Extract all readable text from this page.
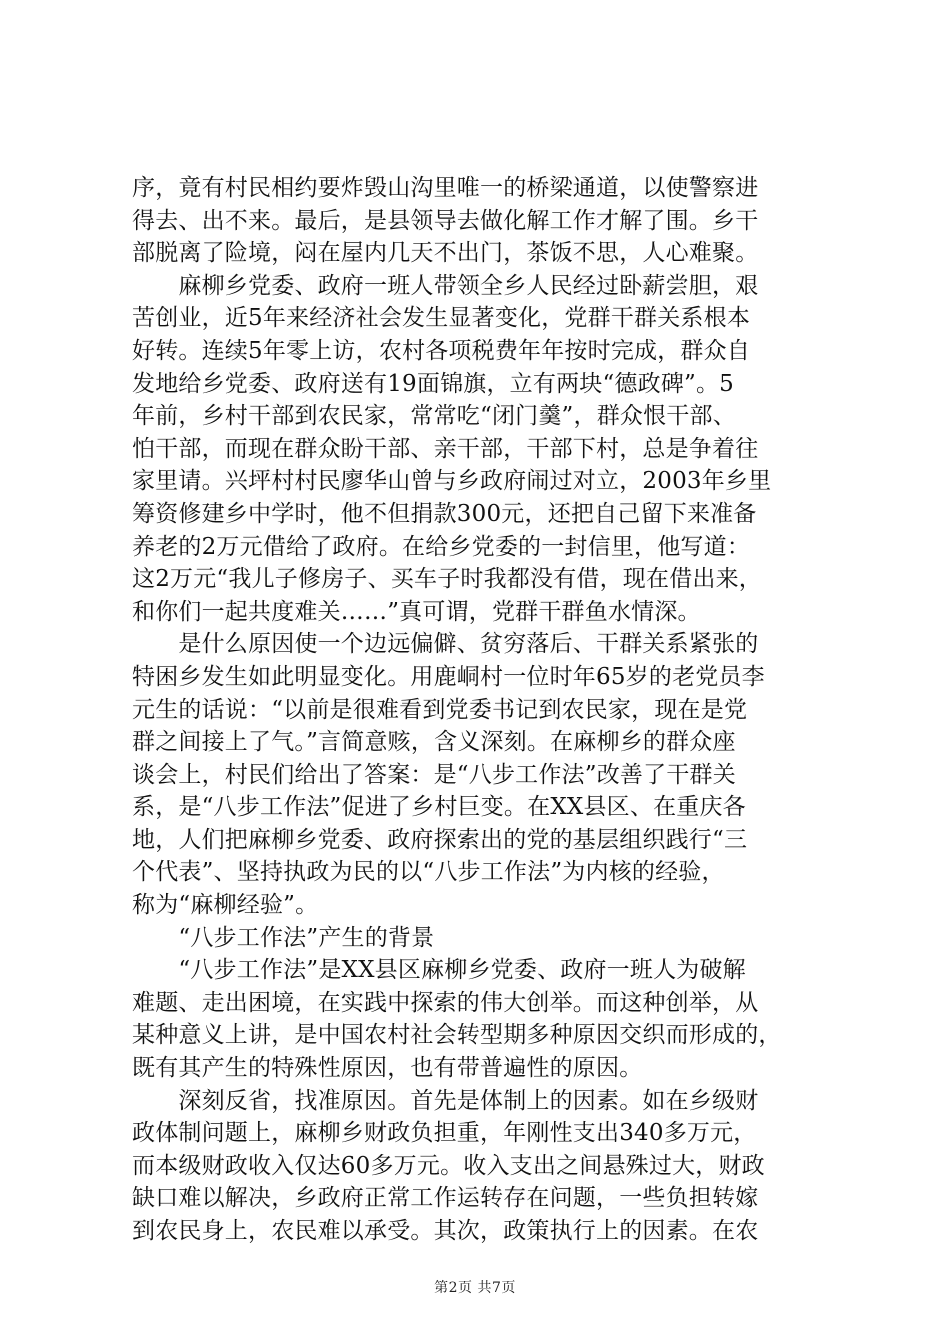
序，竟有村民相约要炸毁山沟里唯一的桥梁通道，以使警察进
得去、出不来。最后，是县领导去做化解工作才解了围。乡干
部脱离了险境，闷在屋内几天不出门，茶饭不思，人心难聚。
　　麻柳乡党委、政府一班人带领全乡人民经过卧薪尝胆，艰
苦创业，近5年来经济社会发生显著变化，党群干群关系根本
好转。连续5年零上访，农村各项税费年年按时完成，群众自
发地给乡党委、政府送有19面锦旗，立有两块“德政碑”。5
年前，乡村干部到农民家，常常吃“闭门羹”，群众恨干部、
怕干部，而现在群众盼干部、亲干部，干部下村，总是争着往
家里请。兴坪村村民廖华山曾与乡政府闹过对立，2003年乡里
筹资修建乡中学时，他不但捐款300元，还把自己留下来准备
养老的2万元借给了政府。在给乡党委的一封信里，他写道：
这2万元“我儿子修房子、买车子时我都没有借，现在借出来，
和你们一起共度难关……”真可谓，党群干群鱼水情深。
　　是什么原因使一个边远偏僻、贫穷落后、干群关系紧张的
特困乡发生如此明显变化。用鹿峒村一位时年65岁的老党员李
元生的话说：“以前是很难看到党委书记到农民家，现在是党
群之间接上了气。”言简意赅，含义深刻。在麻柳乡的群众座
谈会上，村民们给出了答案：是“八步工作法”改善了干群关
系，是“八步工作法”促进了乡村巨变。在XX县区、在重庆各
地，人们把麻柳乡党委、政府探索出的党的基层组织践行“三
个代表”、坚持执政为民的以“八步工作法”为内核的经验，
称为“麻柳经验”。
　　“八步工作法”产生的背景
　　“八步工作法”是XX县区麻柳乡党委、政府一班人为破解
难题、走出困境，在实践中探索的伟大创举。而这种创举，从
某种意义上讲，是中国农村社会转型期多种原因交织而形成的，
既有其产生的特殊性原因，也有带普遍性的原因。
　　深刻反省，找准原因。首先是体制上的因素。如在乡级财
政体制问题上，麻柳乡财政负担重，年刚性支出340多万元，
而本级财政收入仅达60多万元。收入支出之间悬殊过大，财政
缺口难以解决，乡政府正常工作运转存在问题，一些负担转嫁
到农民身上，农民难以承受。其次，政策执行上的因素。在农
第2页 共7页
